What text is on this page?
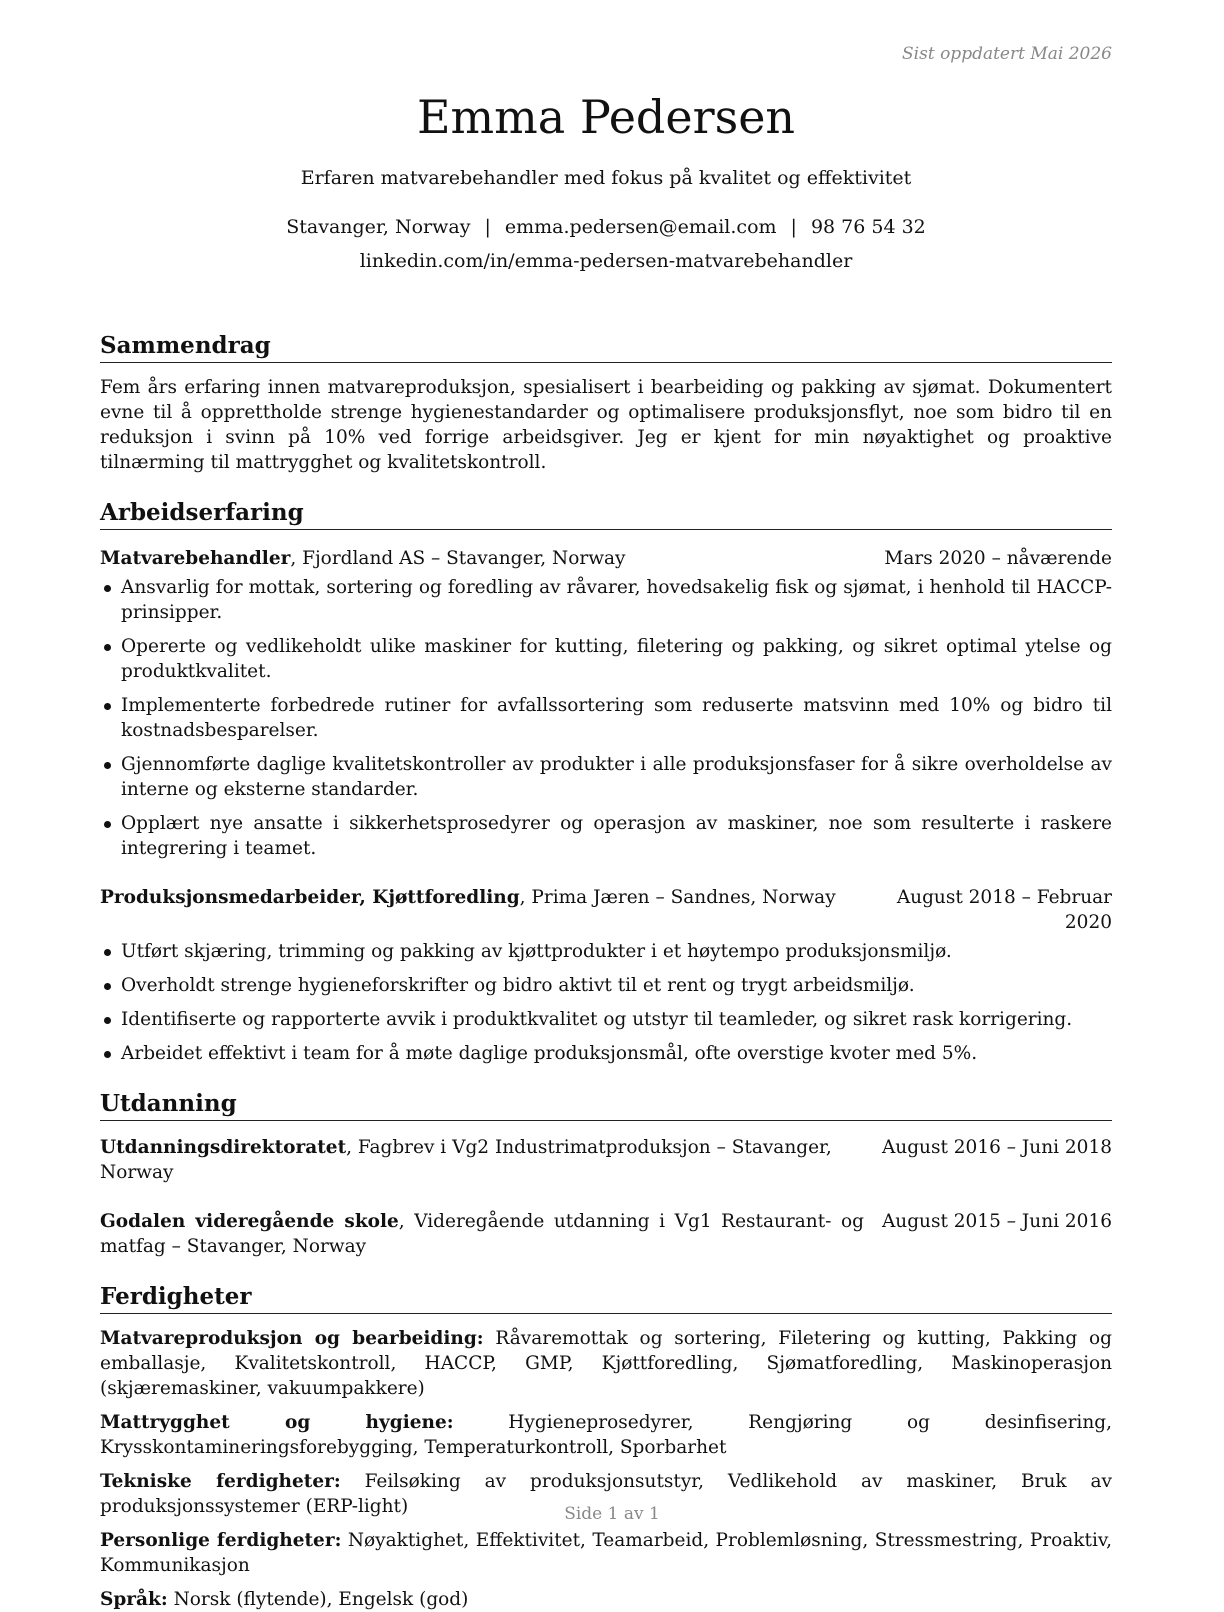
Sist oppdatert Mai 2026
Emma Pedersen
Erfaren matvarebehandler med fokus på kvalitet og effektivitet
Stavanger, Norway | emma.pedersen@email.com | 98 76 54 32
linkedin.com/in/emma-pedersen-matvarebehandler
Sammendrag

Fem års erfaring innen matvareproduksjon, spesialisert i bearbeiding og pakking av sjømat. Dokumentert evne til å opprettholde strenge hygienestandarder og optimalisere produksjonsflyt, noe som bidro til en reduksjon i svinn på 10% ved forrige arbeidsgiver. Jeg er kjent for min nøyaktighet og proaktive tilnærming til mattrygghet og kvalitetskontroll.

Arbeidserfaring
Matvarebehandler, Fjordland AS – Stavanger, Norway	Mars 2020 – nåværende
Ansvarlig for mottak, sortering og foredling av råvarer, hovedsakelig fisk og sjømat, i henhold til HACCP-prinsipper.
Opererte og vedlikeholdt ulike maskiner for kutting, filetering og pakking, og sikret optimal ytelse og produktkvalitet.
Implementerte forbedrede rutiner for avfallssortering som reduserte matsvinn med 10% og bidro til kostnadsbesparelser.
Gjennomførte daglige kvalitetskontroller av produkter i alle produksjonsfaser for å sikre overholdelse av interne og eksterne standarder.
Opplært nye ansatte i sikkerhetsprosedyrer og operasjon av maskiner, noe som resulterte i raskere integrering i teamet.
Produksjonsmedarbeider, Kjøttforedling, Prima Jæren – Sandnes, Norway	August 2018 – Februar 2020
Utført skjæring, trimming og pakking av kjøttprodukter i et høytempo produksjonsmiljø.
Overholdt strenge hygieneforskrifter og bidro aktivt til et rent og trygt arbeidsmiljø.
Identifiserte og rapporterte avvik i produktkvalitet og utstyr til teamleder, og sikret rask korrigering.
Arbeidet effektivt i team for å møte daglige produksjonsmål, ofte overstige kvoter med 5%.
Utdanning
Utdanningsdirektoratet, Fagbrev i Vg2 Industrimatproduksjon – Stavanger, Norway
August 2016 – Juni 2018
Godalen videregående skole, Videregående utdanning i Vg1 Restaurant- og matfag – Stavanger, Norway
August 2015 – Juni 2016
Ferdigheter

Matvareproduksjon og bearbeiding: Råvaremottak og sortering, Filetering og kutting, Pakking og emballasje, Kvalitetskontroll, HACCP, GMP, Kjøttforedling, Sjømatforedling, Maskinoperasjon (skjæremaskiner, vakuumpakkere)

Mattrygghet og hygiene: Hygieneprosedyrer, Rengjøring og desinfisering, Krysskontamineringsforebygging, Temperaturkontroll, Sporbarhet

Tekniske ferdigheter: Feilsøking av produksjonsutstyr, Vedlikehold av maskiner, Bruk av produksjonssystemer (ERP-light)

Personlige ferdigheter: Nøyaktighet, Effektivitet, Teamarbeid, Problemløsning, Stressmestring, Proaktiv, Kommunikasjon

Språk: Norsk (flytende), Engelsk (god)

Side 1 av 1
